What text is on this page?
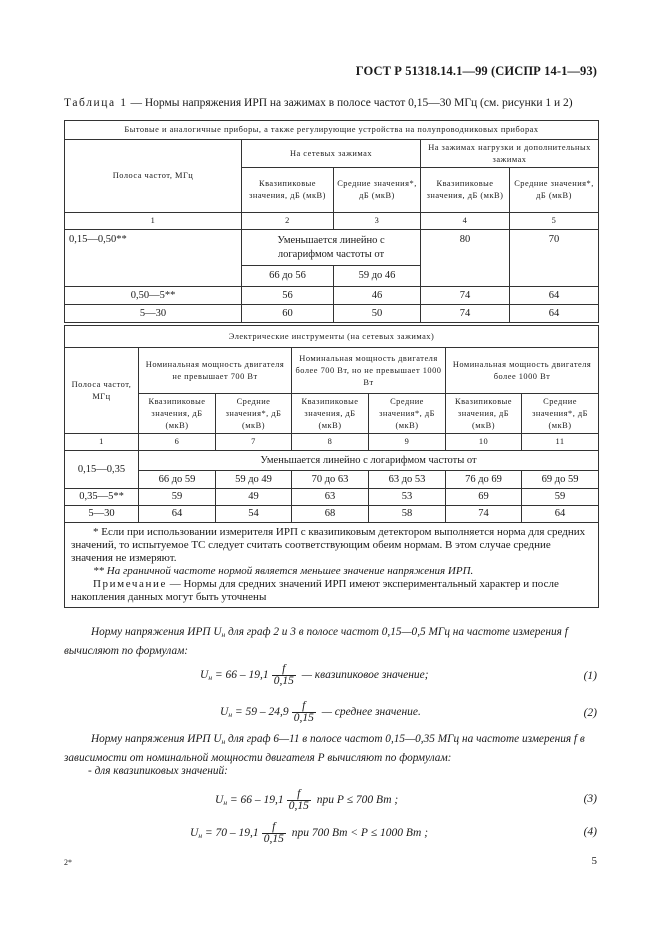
ГОСТ Р 51318.14.1—99 (СИСПР 14-1—93)
Таблица 1 — Нормы напряжения ИРП на зажимах в полосе частот 0,15—30 МГц (см. рисунки 1 и 2)
Бытовые и аналогичные приборы, а также регулирующие устройства на полупроводниковых приборах				
Полоса частот, МГц	На сетевых зажимах		На зажимах нагрузки и дополнительных зажимах	
	Квазипиковые значения, дБ (мкВ)	Средние значения*, дБ (мкВ)	Квазипиковые значения, дБ (мкВ)	Средние значения*, дБ (мкВ)
1	2	3	4	5
0,15—0,50**	Уменьшается линейно с логарифмом частоты от		80	70
	66 до 56	59 до 46		
0,50—5**	56	46	74	64
5—30	60	50	74	64
Электрические инструменты (на сетевых зажимах)						
Полоса частот, МГц	Номинальная мощность двигателя не превышает 700 Вт		Номинальная мощность двигателя более 700 Вт, но не превышает 1000 Вт		Номинальная мощность двигателя более 1000 Вт	
	Квазипиковые значения, дБ (мкВ)	Средние значения*, дБ (мкВ)	Квазипиковые значения, дБ (мкВ)	Средние значения*, дБ (мкВ)	Квазипиковые значения, дБ (мкВ)	Средние значения*, дБ (мкВ)
1	6	7	8	9	10	11
0,15—0,35	Уменьшается линейно с логарифмом частоты от					
	66 до 59	59 до 49	70 до 63	63 до 53	76 до 69	69 до 59
0,35—5**	59	49	63	53	69	59
5—30	64	54	68	58	74	64

* Если при использовании измерителя ИРП с квазипиковым детектором выполняется норма для средних значений, то испытуемое ТС следует считать соответствующим обеим нормам. В этом случае средние значения не измеряют.

** На граничной частоте нормой является меньшее значение напряжения ИРП.

Примечание — Нормы для средних значений ИРП имеют экспериментальный характер и после накопления данных могут быть уточнены						

Норму напряжения ИРП $U_н$ для граф 2 и 3 в полосе частот 0,15—0,5 МГц на частоте измерения f вычисляют по формулам:
$U_н = 66 - 19,1 \frac{f}{0,15}$ — квазипиковое значение;	(1)
$U_н = 59 - 24,9 \frac{f}{0,15}$ — среднее значение.	(2)
Норму напряжения ИРП $U_н$ для граф 6—11 в полосе частот 0,15—0,35 МГц на частоте измерения f в зависимости от номинальной мощности двигателя Р вычисляют по формулам:
- для квазипиковых значений:
$U_н = 66 - 19,1 \frac{f}{0,15}$ при Р ≤ 700 Вт ;	(3)
$U_н = 70 - 19,1 \frac{f}{0,15}$ при 700 Вт < Р ≤ 1000 Вт ;	(4)
2*	5
